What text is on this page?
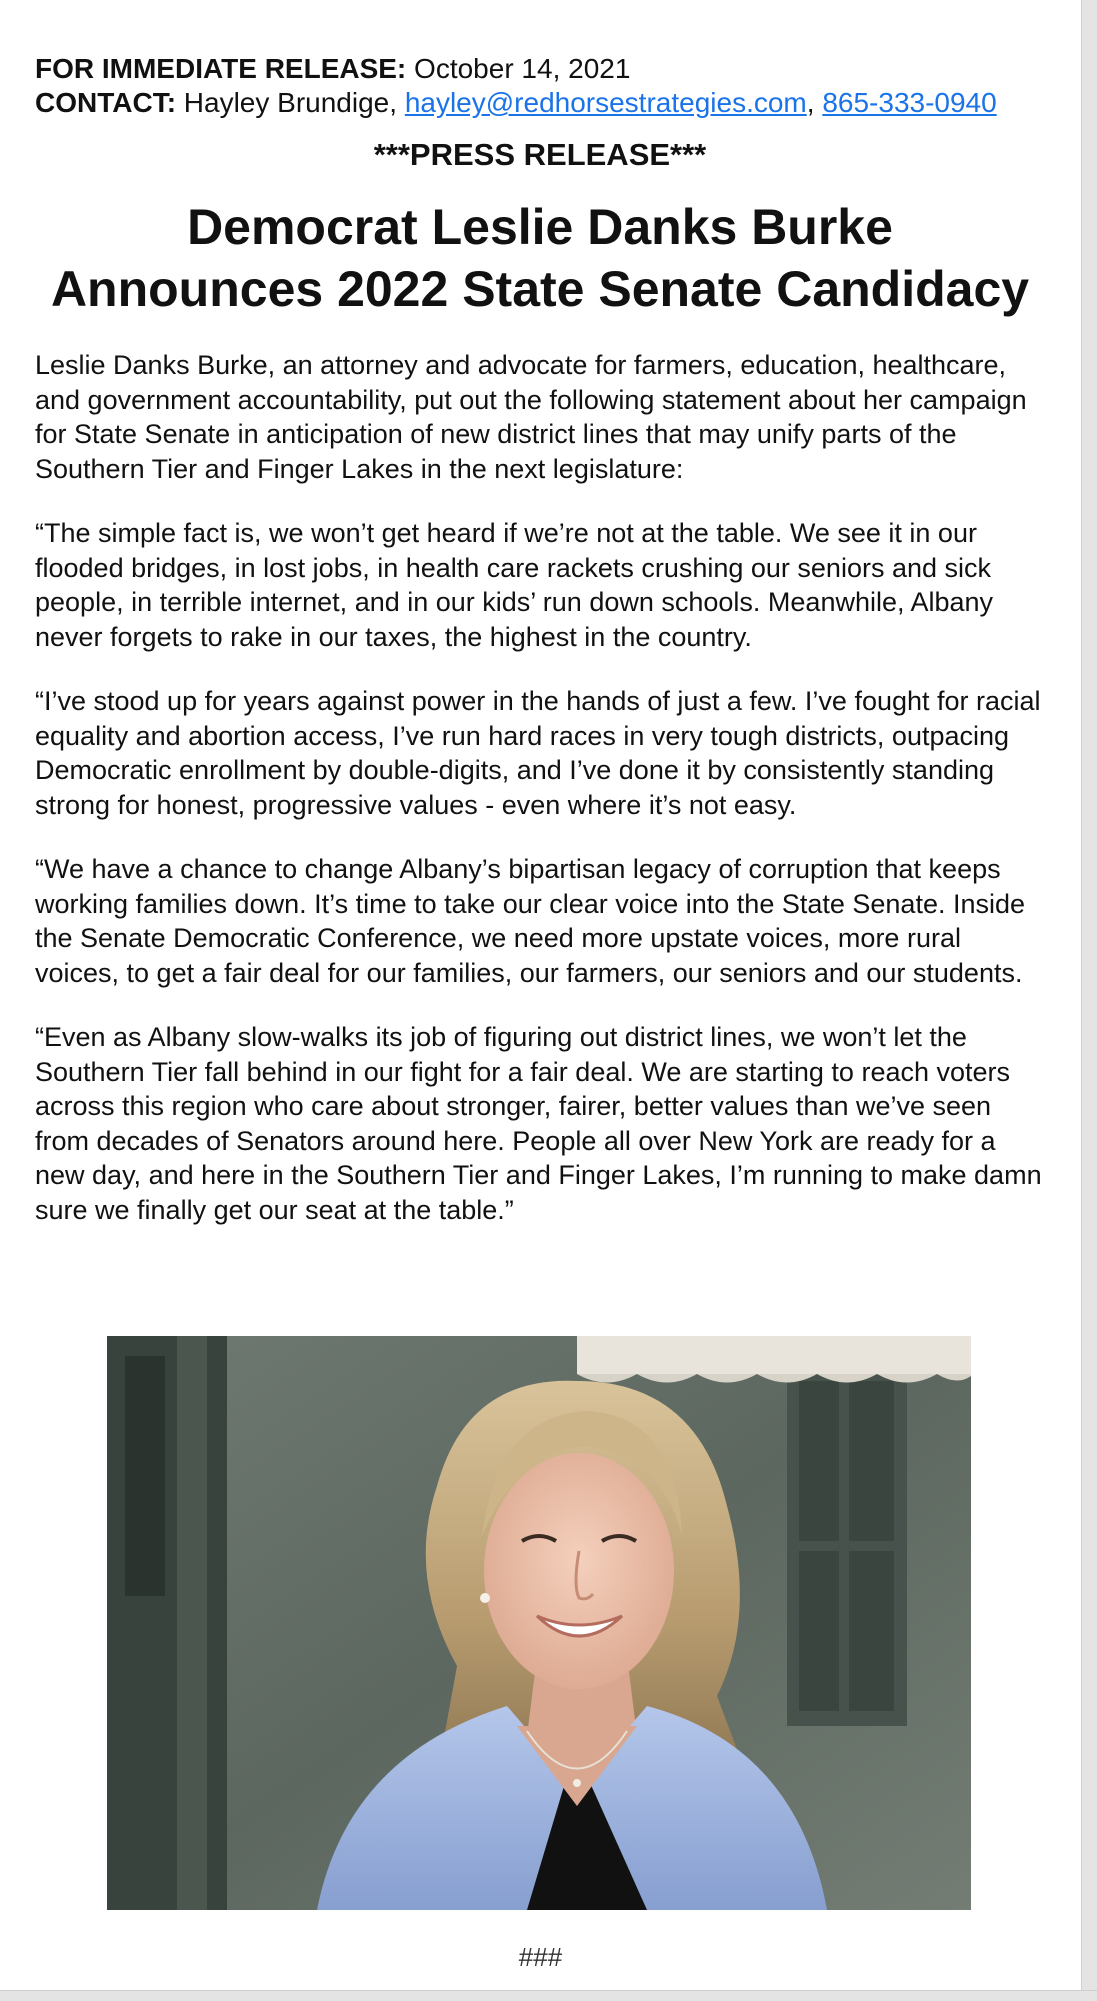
FOR IMMEDIATE RELEASE: October 14, 2021
CONTACT: Hayley Brundige, hayley@redhorsestrategies.com, 865-333-0940
***PRESS RELEASE***
Democrat Leslie Danks Burke
Announces 2022 State Senate Candidacy

Leslie Danks Burke, an attorney and advocate for farmers, education, healthcare, and government accountability, put out the following statement about her campaign for State Senate in anticipation of new district lines that may unify parts of the Southern Tier and Finger Lakes in the next legislature:

“The simple fact is, we won’t get heard if we’re not at the table. We see it in our flooded bridges, in lost jobs, in health care rackets crushing our seniors and sick people, in terrible internet, and in our kids’ run down schools. Meanwhile, Albany never forgets to rake in our taxes, the highest in the country.

“I’ve stood up for years against power in the hands of just a few. I’ve fought for racial equality and abortion access, I’ve run hard races in very tough districts, outpacing Democratic enrollment by double-digits, and I’ve done it by consistently standing strong for honest, progressive values - even where it’s not easy.

“We have a chance to change Albany’s bipartisan legacy of corruption that keeps working families down. It’s time to take our clear voice into the State Senate. Inside the Senate Democratic Conference, we need more upstate voices, more rural voices, to get a fair deal for our families, our farmers, our seniors and our students.

“Even as Albany slow-walks its job of figuring out district lines, we won’t let the Southern Tier fall behind in our fight for a fair deal. We are starting to reach voters across this region who care about stronger, fairer, better values than we’ve seen from decades of Senators around here. People all over New York are ready for a new day, and here in the Southern Tier and Finger Lakes, I’m running to make damn sure we finally get our seat at the table.”

###
